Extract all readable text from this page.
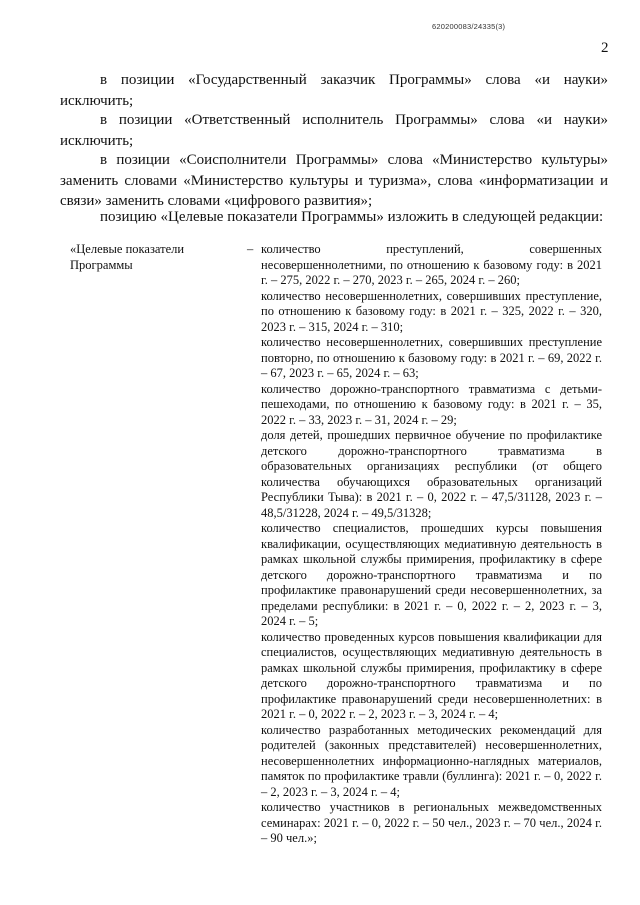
620200083/24335(3)
2

в позиции «Государственный заказчик Программы» слова «и науки» исключить;

в позиции «Ответственный исполнитель Программы» слова «и науки» исключить;

в позиции «Соисполнители Программы» слова «Министерство культуры» заменить словами «Министерство культуры и туризма», слова «информатизации и связи» заменить словами «цифрового развития»;

позицию «Целевые показатели Программы» изложить в следующей редакции:

«Целевые показатели Программы

– количество преступлений, совершенных несовершеннолетними, по отношению к базовому году: в 2021 г. – 275, 2022 г. – 270, 2023 г. – 265, 2024 г. – 260;
количество несовершеннолетних, совершивших преступление, по отношению к базовому году: в 2021 г. – 325, 2022 г. – 320, 2023 г. – 315, 2024 г. – 310;
количество несовершеннолетних, совершивших преступление повторно, по отношению к базовому году: в 2021 г. – 69, 2022 г. – 67, 2023 г. – 65, 2024 г. – 63;
количество дорожно-транспортного травматизма с детьми-пешеходами, по отношению к базовому году: в 2021 г. – 35, 2022 г. – 33, 2023 г. – 31, 2024 г. – 29;
доля детей, прошедших первичное обучение по профилактике детского дорожно-транспортного травматизма в образовательных организациях республики (от общего количества обучающихся образовательных организаций Республики Тыва): в 2021 г. – 0, 2022 г. – 47,5/31128, 2023 г. – 48,5/31228, 2024 г. – 49,5/31328;
количество специалистов, прошедших курсы повышения квалификации, осуществляющих медиативную деятельность в рамках школьной службы примирения, профилактику в сфере детского дорожно-транспортного травматизма и по профилактике правонарушений среди несовершеннолетних, за пределами республики: в 2021 г. – 0, 2022 г. – 2, 2023 г. – 3, 2024 г. – 5;
количество проведенных курсов повышения квалификации для специалистов, осуществляющих медиативную деятельность в рамках школьной службы примирения, профилактику в сфере детского дорожно-транспортного травматизма и по профилактике правонарушений среди несовершеннолетних: в 2021 г. – 0, 2022 г. – 2, 2023 г. – 3, 2024 г. – 4;
количество разработанных методических рекомендаций для родителей (законных представителей) несовершеннолетних, несовершеннолетних информационно-наглядных материалов, памяток по профилактике травли (буллинга): 2021 г. – 0, 2022 г. – 2, 2023 г. – 3, 2024 г. – 4;
количество участников в региональных межведомственных семинарах: 2021 г. – 0, 2022 г. – 50 чел., 2023 г. – 70 чел., 2024 г. – 90 чел.»;
